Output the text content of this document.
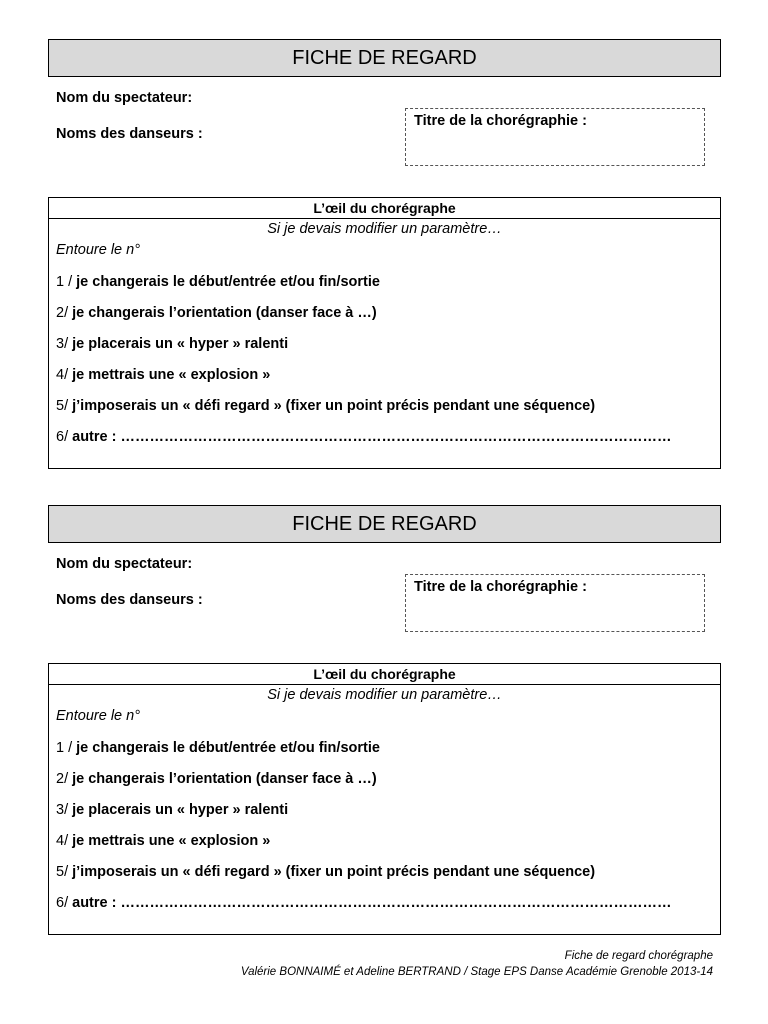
FICHE DE REGARD
Nom du spectateur:
Noms des danseurs :
Titre de la chorégraphie :
L’œil du chorégraphe
Si je devais modifier un paramètre…
Entoure le n°
1 / je changerais le début/entrée et/ou fin/sortie
2/ je changerais l’orientation (danser face à …)
3/ je placerais un « hyper » ralenti
4/ je mettrais une « explosion »
5/ j’imposerais un « défi regard » (fixer un point précis pendant une séquence)
6/ autre : ……………………………………………………………………………………………………
FICHE DE REGARD
Nom du spectateur:
Noms des danseurs :
Titre de la chorégraphie :
L’œil du chorégraphe
Si je devais modifier un paramètre…
Entoure le n°
1 / je changerais le début/entrée et/ou fin/sortie
2/ je changerais l’orientation (danser face à …)
3/ je placerais un « hyper » ralenti
4/ je mettrais une « explosion »
5/ j’imposerais un « défi regard » (fixer un point précis pendant une séquence)
6/ autre : ……………………………………………………………………………………………………
Fiche de regard chorégraphe
Valérie BONNAIMÉ et Adeline BERTRAND / Stage EPS Danse Académie Grenoble 2013-14
